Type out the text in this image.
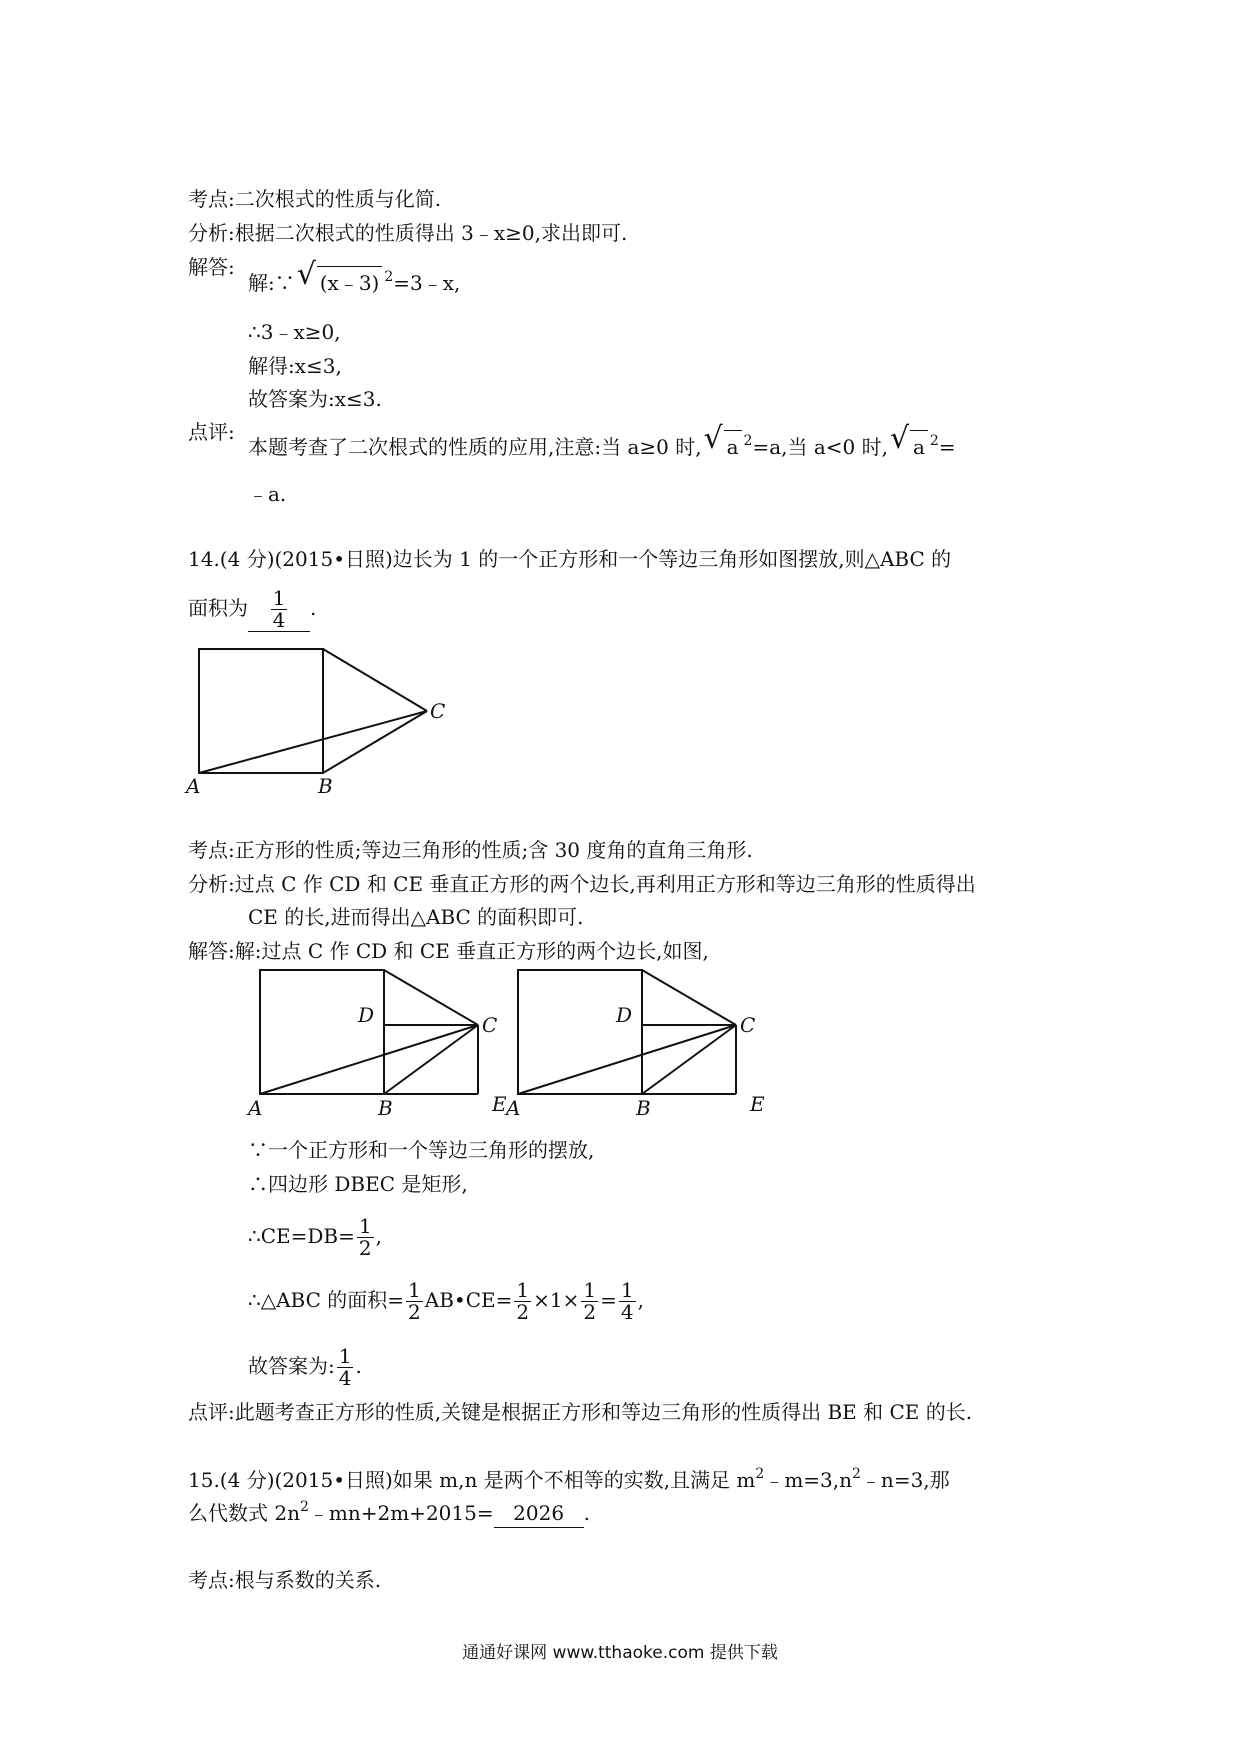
考点:二次根式的性质与化简.
分析:根据二次根式的性质得出 3﹣x≥0,求出即可.
解答:
解:∵ √ (x﹣3) $^2$=3﹣x,
∴3﹣x≥0,
解得:x≤3,
故答案为:x≤3.
点评:
本题考查了二次根式的性质的应用,注意:当 a≥0 时, √ a $^2$=a,当 a<0 时, √ a $^2$=
﹣a.
14.(4 分)(2015•日照)边长为 1 的一个正方形和一个等边三角形如图摆放,则△ABC 的
面积为 $\frac{1}{4}$ .
A	B
C
考点:正方形的性质;等边三角形的性质;含 30 度角的直角三角形.
分析:过点 C 作 CD 和 CE 垂直正方形的两个边长,再利用正方形和等边三角形的性质得出
CE 的长,进而得出△ABC 的面积即可.
解答:解:过点 C 作 CD 和 CE 垂直正方形的两个边长,如图,
A	B
C
D
E A	B
C
D
E
∵一个正方形和一个等边三角形的摆放,
∴四边形 DBEC 是矩形,
∴CE=DB= $\frac{1}{2}$ ,
∴△ABC 的面积= $\frac{1}{2}$ AB•CE= $\frac{1}{2} \times 1\times \frac{1}{2} = \frac{1}{4}$ ,
故答案为: $\frac{1}{4}$ .
点评:此题考查正方形的性质,关键是根据正方形和等边三角形的性质得出 BE 和 CE 的长.
15.(4 分)(2015•日照)如果 m,n 是两个不相等的实数,且满足 $m^2﹣m=3,n^2﹣n=3$,那
么代数式 $2n^2﹣mn+2m+2015= 2026$ .
考点:根与系数的关系.
通通好课网 www.tthaoke.com 提供下载
